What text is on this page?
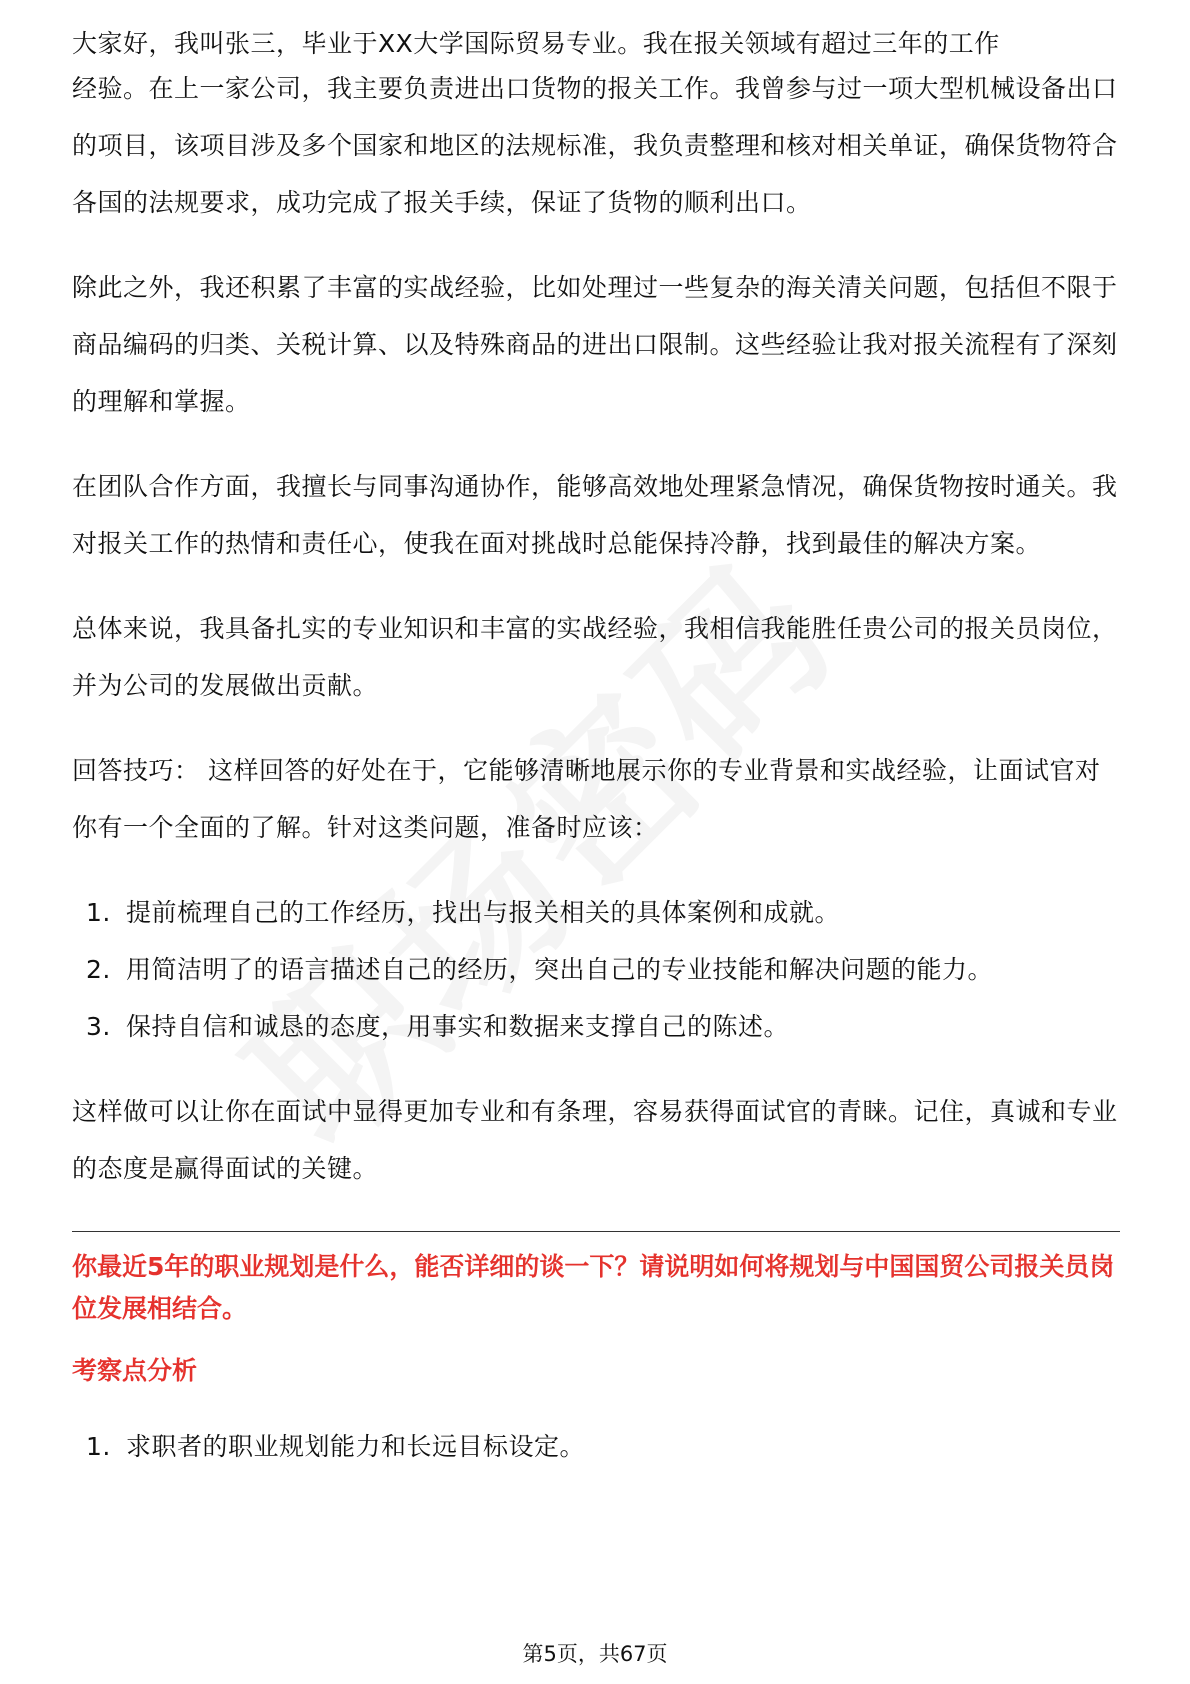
大家好，我叫张三，毕业于XX大学国际贸易专业。我在报关领域有超过三年的工作

经验。在上一家公司，我主要负责进出口货物的报关工作。我曾参与过一项大型机械设备出口的项目，该项目涉及多个国家和地区的法规标准，我负责整理和核对相关单证，确保货物符合各国的法规要求，成功完成了报关手续，保证了货物的顺利出口。

除此之外，我还积累了丰富的实战经验，比如处理过一些复杂的海关清关问题，包括但不限于商品编码的归类、关税计算、以及特殊商品的进出口限制。这些经验让我对报关流程有了深刻的理解和掌握。

在团队合作方面，我擅长与同事沟通协作，能够高效地处理紧急情况，确保货物按时通关。我对报关工作的热情和责任心，使我在面对挑战时总能保持冷静，找到最佳的解决方案。

总体来说，我具备扎实的专业知识和丰富的实战经验，我相信我能胜任贵公司的报关员岗位，并为公司的发展做出贡献。

回答技巧： 这样回答的好处在于，它能够清晰地展示你的专业背景和实战经验，让面试官对你有一个全面的了解。针对这类问题，准备时应该：

1. 提前梳理自己的工作经历，找出与报关相关的具体案例和成就。
2. 用简洁明了的语言描述自己的经历，突出自己的专业技能和解决问题的能力。
3. 保持自信和诚恳的态度，用事实和数据来支撑自己的陈述。

这样做可以让你在面试中显得更加专业和有条理，容易获得面试官的青睐。记住，真诚和专业的态度是赢得面试的关键。

你最近5年的职业规划是什么，能否详细的谈一下？请说明如何将规划与中国国贸公司报关员岗位发展相结合。

考察点分析

1. 求职者的职业规划能力和长远目标设定。
第5页，共67页
